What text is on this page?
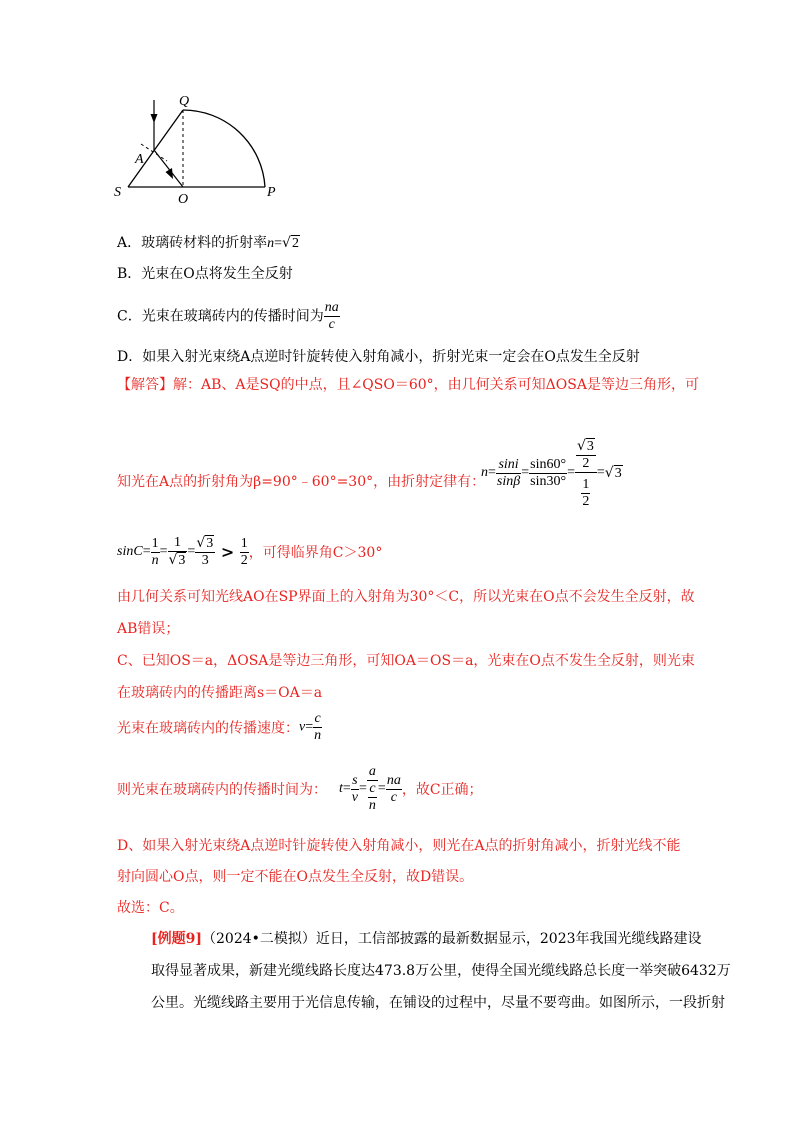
Q
A
S	O	P
A．玻璃砖材料的折射率n=√2
B．光束在O点将发生全反射
C．光束在玻璃砖内的传播时间为 $\frac{na}{c}$
D．如果入射光束绕A点逆时针旋转使入射角减小，折射光束一定会在O点发生全反射
【解答】解：AB、A是SQ的中点，且∠QSO＝60°，由几何关系可知ΔOSA是等边三角形，可
知光在A点的折射角为β=90°﹣60°=30°，由折射定律有：
$n= \frac{\sin i}{\sin\beta} = \frac{\sin 60^\circ}{\sin 30^\circ} = \frac{\frac{√3}{2}}{\frac{1}{2}} =√3$
$\sin C= \frac{1}{n} = \frac{1}{√3} = \frac{√3}{3} > \frac{1}{2}$ ，可得临界角C＞30°
由几何关系可知光线AO在SP界面上的入射角为30°＜C，所以光束在O点不会发生全反射，故
AB错误；
C、已知OS＝a，ΔOSA是等边三角形，可知OA＝OS＝a，光束在O点不发生全反射，则光束
在玻璃砖内的传播距离s＝OA＝a
光束在玻璃砖内的传播速度：$v= \frac{c}{n}$
则光束在玻璃砖内的传播时间为： $t= \frac{s}{v} = \frac{a}{\frac{c}{n}} = \frac{na}{c}$ ，故C正确；
D、如果入射光束绕A点逆时针旋转使入射角减小，则光在A点的折射角减小，折射光线不能
射向圆心O点，则一定不能在O点发生全反射，故D错误。
故选：C。
[例题9]（2024•二模拟）近日，工信部披露的最新数据显示，2023年我国光缆线路建设
取得显著成果，新建光缆线路长度达473.8万公里，使得全国光缆线路总长度一举突破6432万
公里。光缆线路主要用于光信息传输，在铺设的过程中，尽量不要弯曲。如图所示，一段折射
